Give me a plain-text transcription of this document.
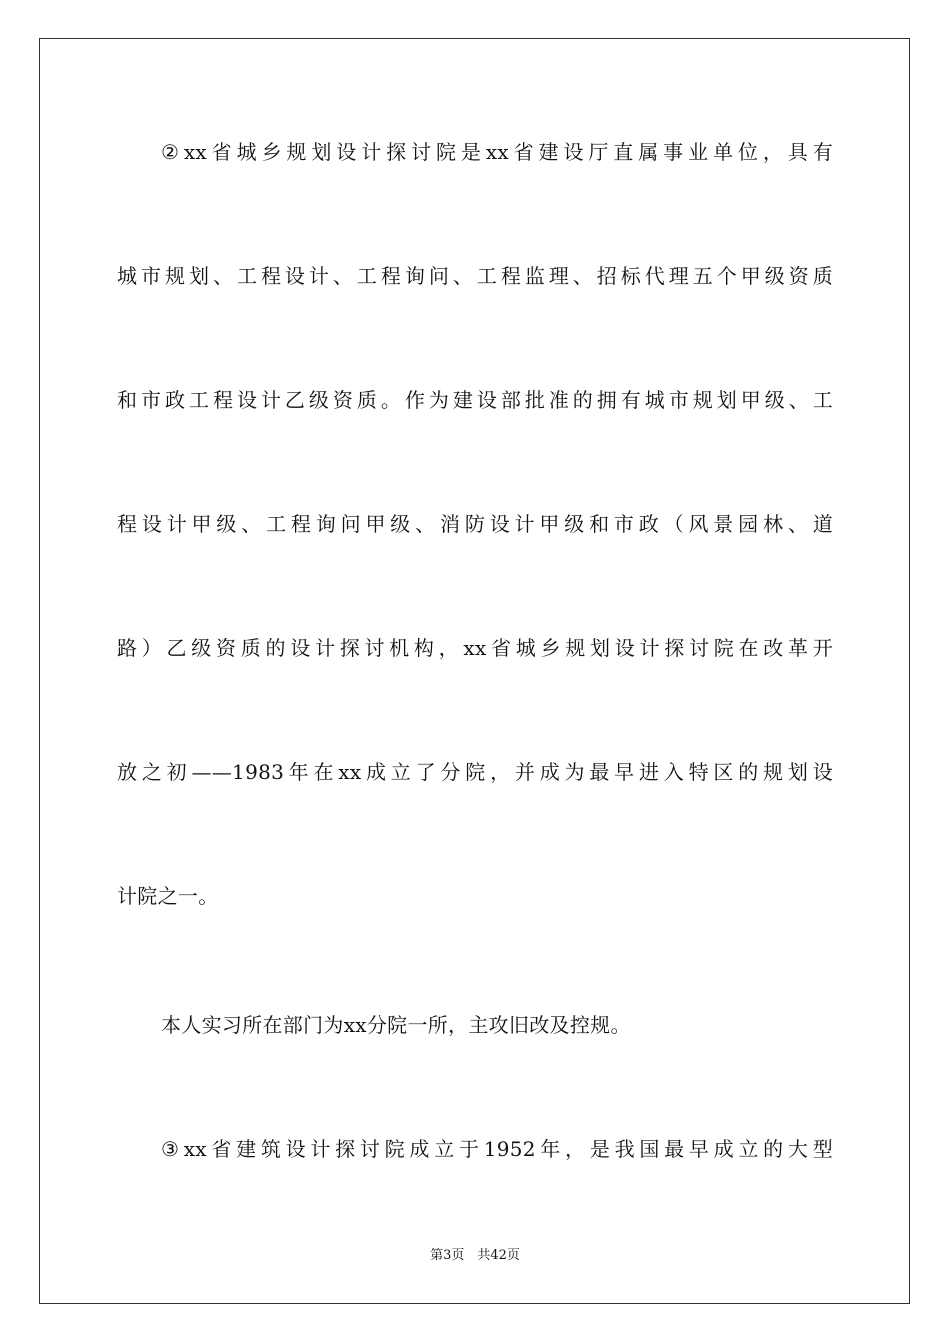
②xx省城乡规划设计探讨院是xx省建设厅直属事业单位，具有
城市规划、工程设计、工程询问、工程监理、招标代理五个甲级资质
和市政工程设计乙级资质。作为建设部批准的拥有城市规划甲级、工
程设计甲级、工程询问甲级、消防设计甲级和市政（风景园林、道
路）乙级资质的设计探讨机构，xx省城乡规划设计探讨院在改革开
放之初——1983年在xx成立了分院，并成为最早进入特区的规划设
计院之一。
本人实习所在部门为xx分院一所，主攻旧改及控规。
③xx省建筑设计探讨院成立于1952年，是我国最早成立的大型
第3页　共42页
